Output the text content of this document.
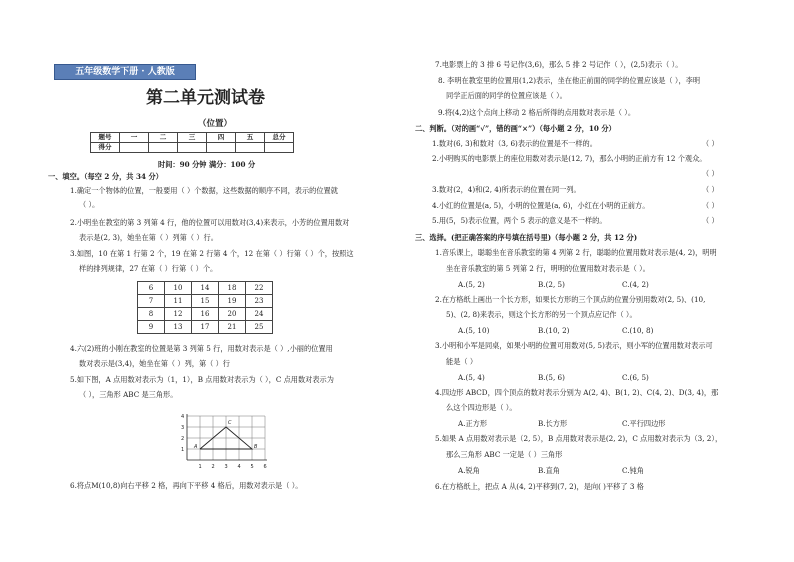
五年级数学下册 · 人教版
第二单元测试卷
（位置）
题号	一	二	三	四	五	总分
得分						
时间：90 分钟 满分：100 分
一、填空。（每空 2 分，共 34 分）
1.确定一个物体的位置，一般要用（ ）个数据，这些数据的顺序不同，表示的位置就
（ ）。
2.小明坐在教室的第 3 列第 4 行，他的位置可以用数对(3,4)来表示，小芳的位置用数对
表示是(2, 3)，她坐在第（ ）列第（ ）行。
3.如图，10 在第 1 行第 2 个，19 在第 2 行第 4 个，12 在第（ ）行第（ ）个，按照这
样的排列规律，27 在第（ ）行第（ ）个。
6	10	14	18	22
7	11	15	19	23
8	12	16	20	24
9	13	17	21	25
4.六(2)班的小刚在教室的位置是第 3 列第 5 行，用数对表示是（ ）,小丽的位置用
数对表示是(3,4)，她坐在第（ ）列，第（ ）行
5.如下图，A 点用数对表示为（1，1），B 点用数对表示为（ ），C 点用数对表示为
（ ），三角形 ABC 是三角形。
4
3
2
1
1 2 3 4 5 6
A
C
B
6.将点M(10,8)向右平移 2 格，再向下平移 4 格后，用数对表示是（ ）。
7.电影票上的 3 排 6 号记作(3,6)，那么 5 排 2 号记作（ ），(2,5)表示（ ）。
8. 李明在教室里的位置用(1,2)表示，坐在他正前面的同学的位置应该是（ ），李明
同学正后面的同学的位置应该是（ ）。
9.将(4,2)这个点向上移动 2 格后所得的点用数对表示是（ ）。
二、判断。（对的画“√”，错的画“×”）（每小题 2 分，10 分）
1.数对(6, 3)和数对（3, 6)表示的位置是不一样的。	（ ）
2.小明购买的电影票上的座位用数对表示是(12, 7)，那么小明的正前方有 12 个观众。
（ ）
3.数对(2，4)和(2, 4)所表示的位置在同一列。	（ ）
4.小红的位置是(a, 5)，小明的位置是(a, 6)，小红在小明的正前方。	（ ）
5.用(5，5)表示位置，两个 5 表示的意义是不一样的。	（ ）
三、选择。(把正确答案的序号填在括号里)（每小题 2 分，共 12 分)
1.音乐课上，聪聪坐在音乐教室的第 4 列第 2 行，聪聪的位置用数对表示是(4, 2)，明明
坐在音乐教室的第 5 列第 2 行，明明的位置用数对表示是（ ）。
A.(5, 2)	B.(2, 5)	C.(4, 2)
2.在方格纸上画出一个长方形，如果长方形的三个顶点的位置分别用数对(2, 5)、(10,
5)、(2, 8)来表示，则这个长方形的另一个顶点应记作（ ）。
A.(5, 10)	B.(10, 2)	C.(10, 8)
3.小明和小军是同桌，如果小明的位置可用数对(5, 5)表示，则小军的位置用数对表示可
能是（ ）
A.(5, 4)	B.(5, 6)	C.(6, 5)
4.四边形 ABCD，四个顶点的数对表示分别为 A(2, 4)、B(1, 2)、C(4, 2)、D(3, 4)，那
么这个四边形是（ ）。
A.正方形	B.长方形	C.平行四边形
5.如果 A 点用数对表示是（2, 5），B 点用数对表示是(2, 2)，C 点用数对表示为（3, 2），
那么三角形 ABC 一定是（ ）三角形
A.锐角	B.直角	C.钝角
6.在方格纸上，把点 A 从(4, 2)平移到(7, 2)，是向( )平移了 3 格
